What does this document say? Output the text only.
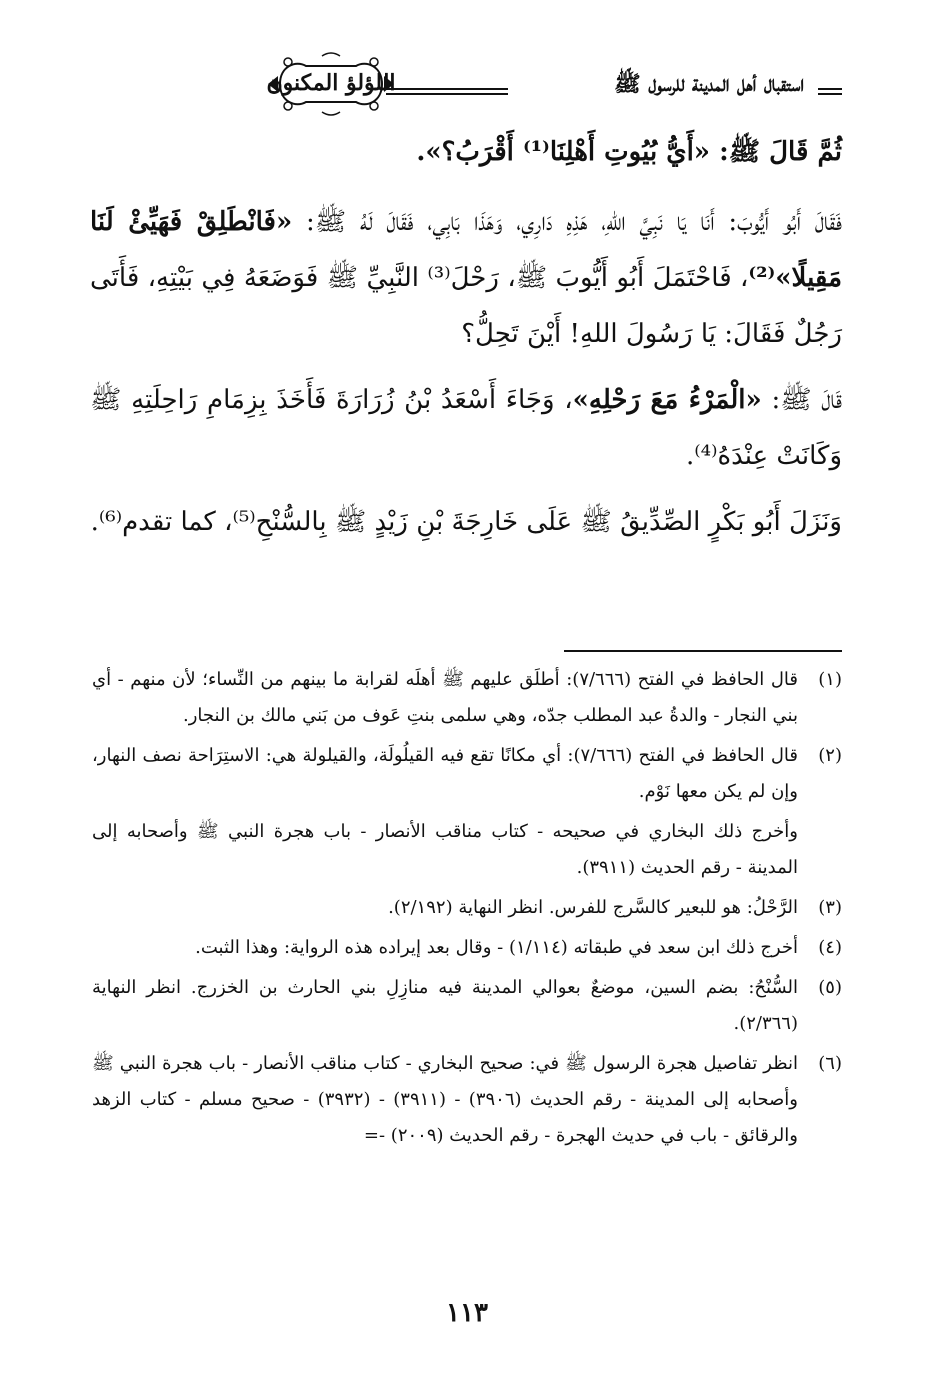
استقبال أهل المدينة للرسول ﷺ
اللؤلؤ المكنون

ثُمَّ قَالَ ﷺ: «أَيُّ بُيُوتِ أَهْلِنَا⁽¹⁾ أَقْرَبُ؟».

فَقَالَ أَبُو أَيُّوبَ: أَنَا يَا نَبِيَّ اللهِ، هَذِهِ دَارِي، وَهَذَا بَابِي، فَقَالَ لَهُ ﷺ: «فَانْطَلِقْ فَهَيِّئْ لَنَا مَقِيلًا»⁽²⁾، فَاحْتَمَلَ أَبُو أَيُّوبَ ﷺ، رَحْلَ⁽³⁾ النَّبِيِّ ﷺ فَوَضَعَهُ فِي بَيْتِهِ، فَأَتَى رَجُلٌ فَقَالَ: يَا رَسُولَ اللهِ! أَيْنَ تَحِلُّ؟

قَالَ ﷺ: «الْمَرْءُ مَعَ رَحْلِهِ»، وَجَاءَ أَسْعَدُ بْنُ زُرَارَةَ فَأَخَذَ بِزِمَامِ رَاحِلَتِهِ ﷺ وَكَانَتْ عِنْدَهُ⁽⁴⁾.

وَنَزَلَ أَبُو بَكْرٍ الصِّدِّيقُ ﷺ عَلَى خَارِجَةَ بْنِ زَيْدٍ ﷺ بِالسُّنْحِ⁽⁵⁾، كما تقدم⁽⁶⁾.

(١)
قال الحافظ في الفتح (٧/٦٦٦): أطلَق عليهم ﷺ أهلَه لقرابة ما بينهم من النِّساء؛ لأن منهم - أي بني النجار - والدةُ عبد المطلب جدّه، وهي سلمى بنتِ عَوف من بَني مالك بن النجار.
(٢)
قال الحافظ في الفتح (٧/٦٦٦): أي مكانًا تقع فيه القيلُولَة، والقيلولة هي: الاستِرَاحة نصف النهار، وإن لم يكن معها نَوْم.
وأخرج ذلك البخاري في صحيحه - كتاب مناقب الأنصار - باب هجرة النبي ﷺ وأصحابه إلى المدينة - رقم الحديث (٣٩١١).
(٣)
الرَّحْلُ: هو للبعير كالسَّرج للفرس. انظر النهاية (٢/١٩٢).
(٤)
أخرج ذلك ابن سعد في طبقاته (١/١١٤) - وقال بعد إيراده هذه الرواية: وهذا الثبت.
(٥)
السُّنْحُ: بضم السين، موضعٌ بعوالي المدينة فيه منازِلِ بني الحارث بن الخزرج. انظر النهاية (٢/٣٦٦).
(٦)
انظر تفاصيل هجرة الرسول ﷺ في: صحيح البخاري - كتاب مناقب الأنصار - باب هجرة النبي ﷺ وأصحابه إلى المدينة - رقم الحديث (٣٩٠٦) - (٣٩١١) - (٣٩٣٢) - صحيح مسلم - كتاب الزهد والرقائق - باب في حديث الهجرة - رقم الحديث (٢٠٠٩) -=
١١٣
